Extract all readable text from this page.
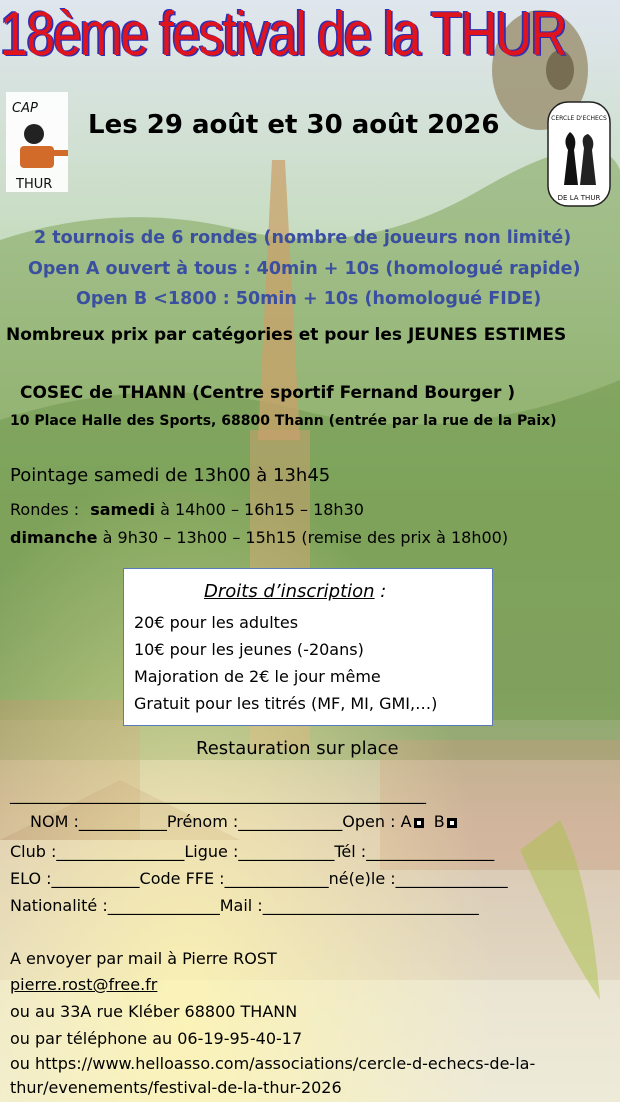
18ème festival de la THUR
CAP
THUR
Les 29 août et 30 août 2026	CERCLE D'ECHECS
DE LA THUR
2 tournois de 6 rondes (nombre de joueurs non limité)
Open A ouvert à tous : 40min + 10s (homologué rapide)
Open B <1800 : 50min + 10s (homologué FIDE)
Nombreux prix par catégories et pour les JEUNES ESTIMES
COSEC de THANN (Centre sportif Fernand Bourger )
10 Place Halle des Sports, 68800 Thann (entrée par la rue de la Paix)
Pointage samedi de 13h00 à 13h45
Rondes : samedi à 14h00 – 16h15 – 18h30
dimanche à 9h30 – 13h00 – 15h15 (remise des prix à 18h00)
Droits d’inscription :
20€ pour les adultes
10€ pour les jeunes (-20ans)
Majoration de 2€ le jour même
Gratuit pour les titrés (MF, MI, GMI,…)
Restauration sur place
____________________________________________________
NOM :___________Prénom :_____________Open : A B
Club :________________Ligue :____________Tél :________________
ELO :___________Code FFE :_____________né(e)le :______________
Nationalité :______________Mail :___________________________
A envoyer par mail à Pierre ROST
pierre.rost@free.fr
ou au 33A rue Kléber 68800 THANN
ou par téléphone au 06-19-95-40-17
ou https://www.helloasso.com/associations/cercle-d-echecs-de-la-
thur/evenements/festival-de-la-thur-2026
